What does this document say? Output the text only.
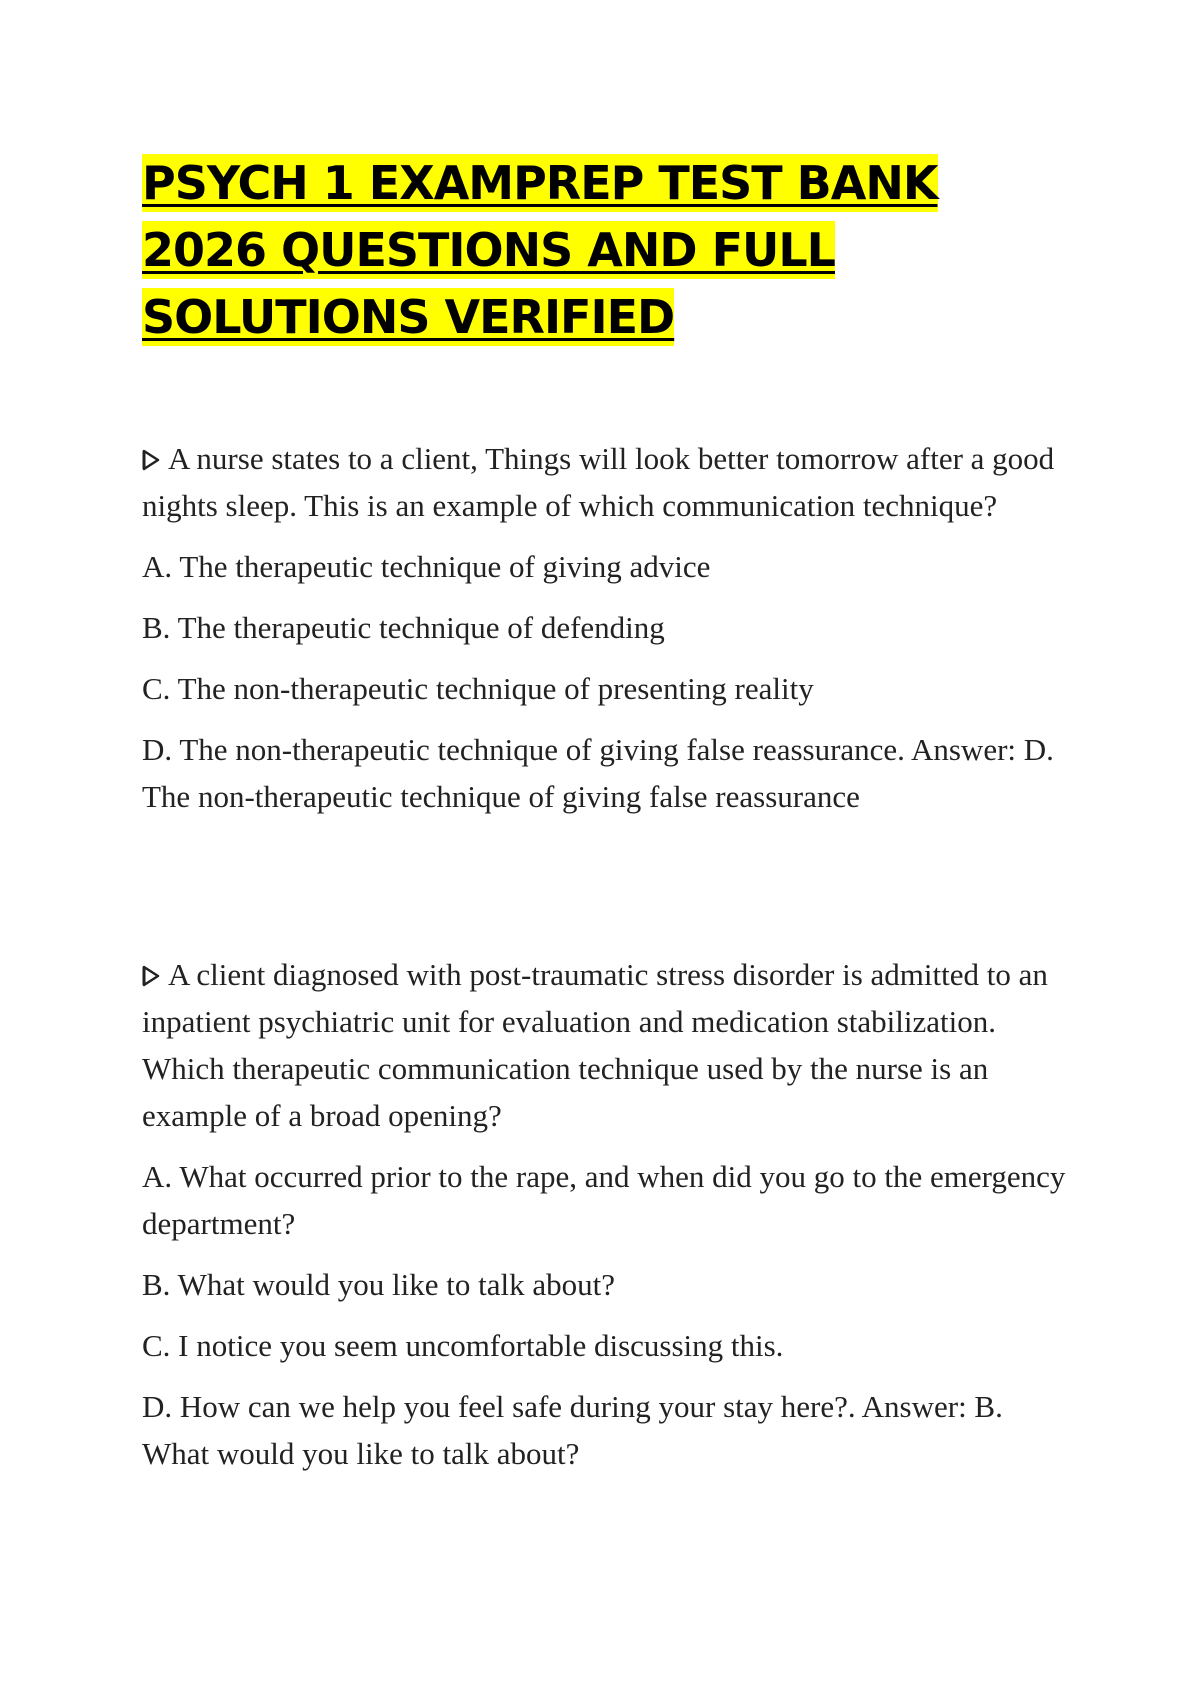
PSYCH 1 EXAMPREP TEST BANK 2026 QUESTIONS AND FULL SOLUTIONS VERIFIED

A nurse states to a client, Things will look better tomorrow after a good nights sleep. This is an example of which communication technique?

A. The therapeutic technique of giving advice

B. The therapeutic technique of defending

C. The non-therapeutic technique of presenting reality

D. The non-therapeutic technique of giving false reassurance. Answer: D. The non-therapeutic technique of giving false reassurance

A client diagnosed with post-traumatic stress disorder is admitted to an inpatient psychiatric unit for evaluation and medication stabilization. Which therapeutic communication technique used by the nurse is an example of a broad opening?

A. What occurred prior to the rape, and when did you go to the emergency department?

B. What would you like to talk about?

C. I notice you seem uncomfortable discussing this.

D. How can we help you feel safe during your stay here?. Answer: B. What would you like to talk about?
